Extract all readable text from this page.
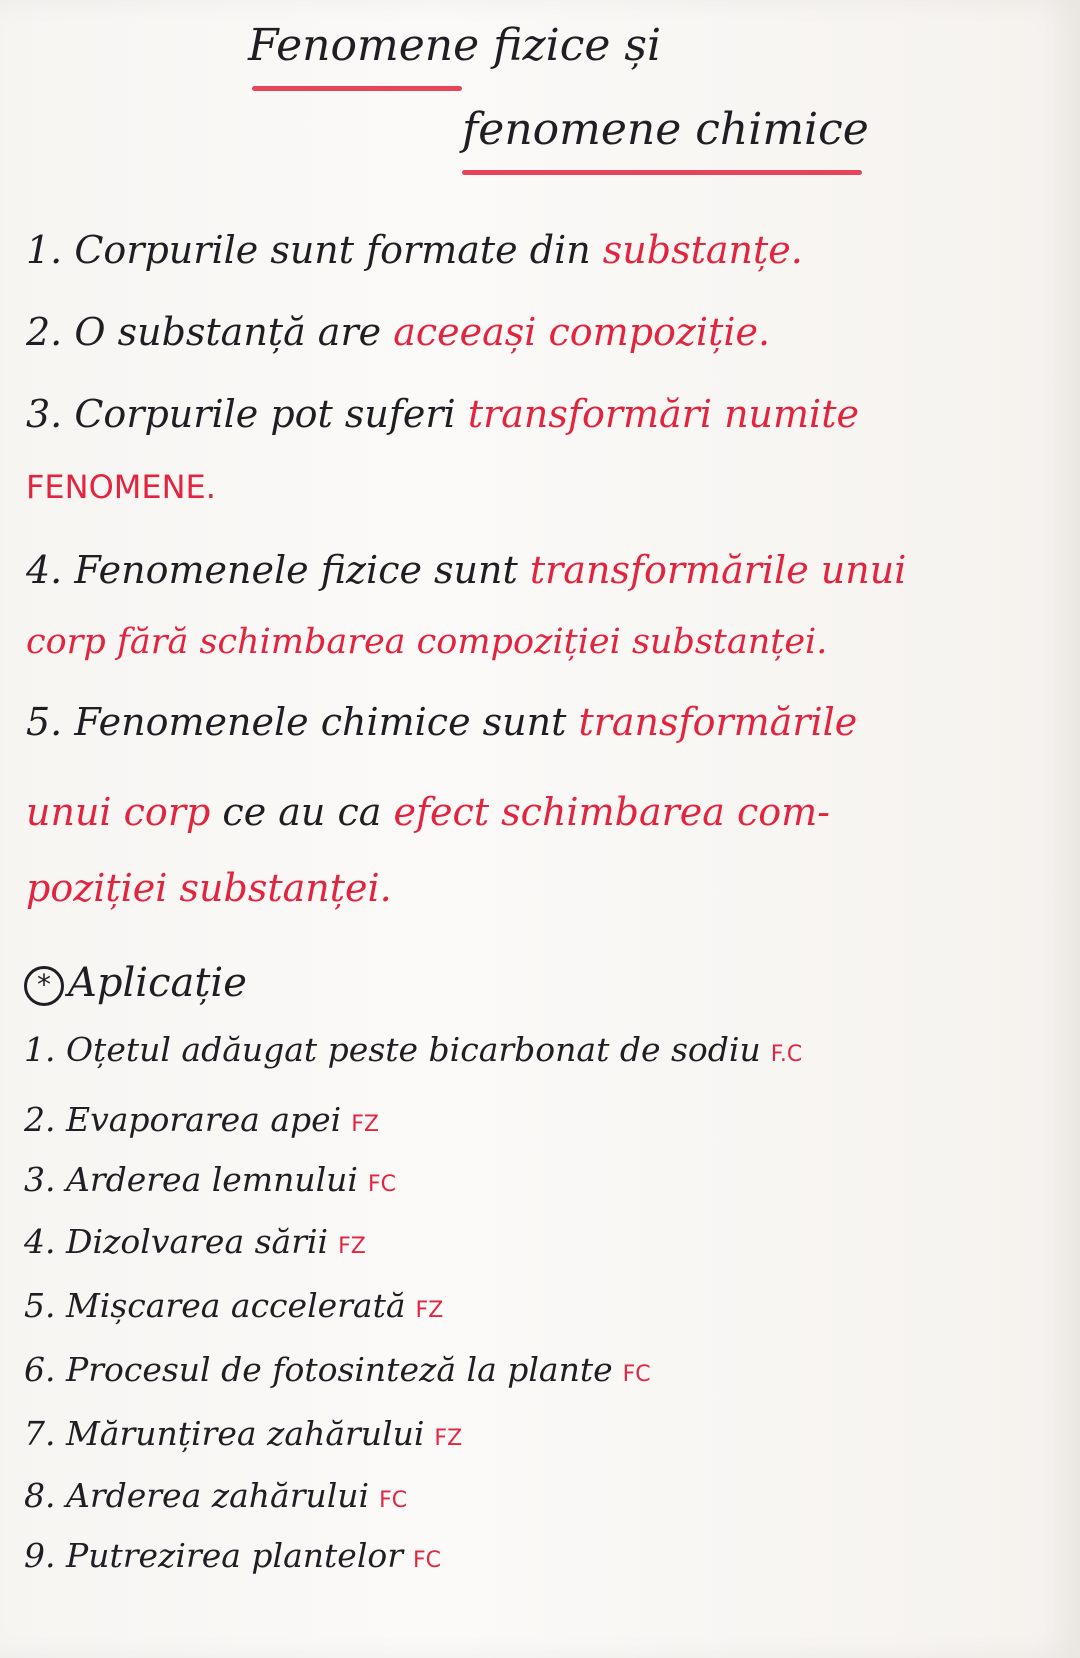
Fenomene fizice și
fenomene chimice
1. Corpurile sunt formate din substanțe.
2. O substanță are aceeași compoziție.
3. Corpurile pot suferi transformări numite
FENOMENE.
4. Fenomenele fizice sunt transformările unui
corp fără schimbarea compoziției substanței.
5. Fenomenele chimice sunt transformările
unui corp ce au ca efect schimbarea com-
poziției substanței.
* Aplicație
1. Oțetul adăugat peste bicarbonat de sodiu F.C
2. Evaporarea apei FZ
3. Arderea lemnului FC
4. Dizolvarea sării FZ
5. Mișcarea accelerată FZ
6. Procesul de fotosinteză la plante FC
7. Mărunțirea zahărului FZ
8. Arderea zahărului FC
9. Putrezirea plantelor FC
